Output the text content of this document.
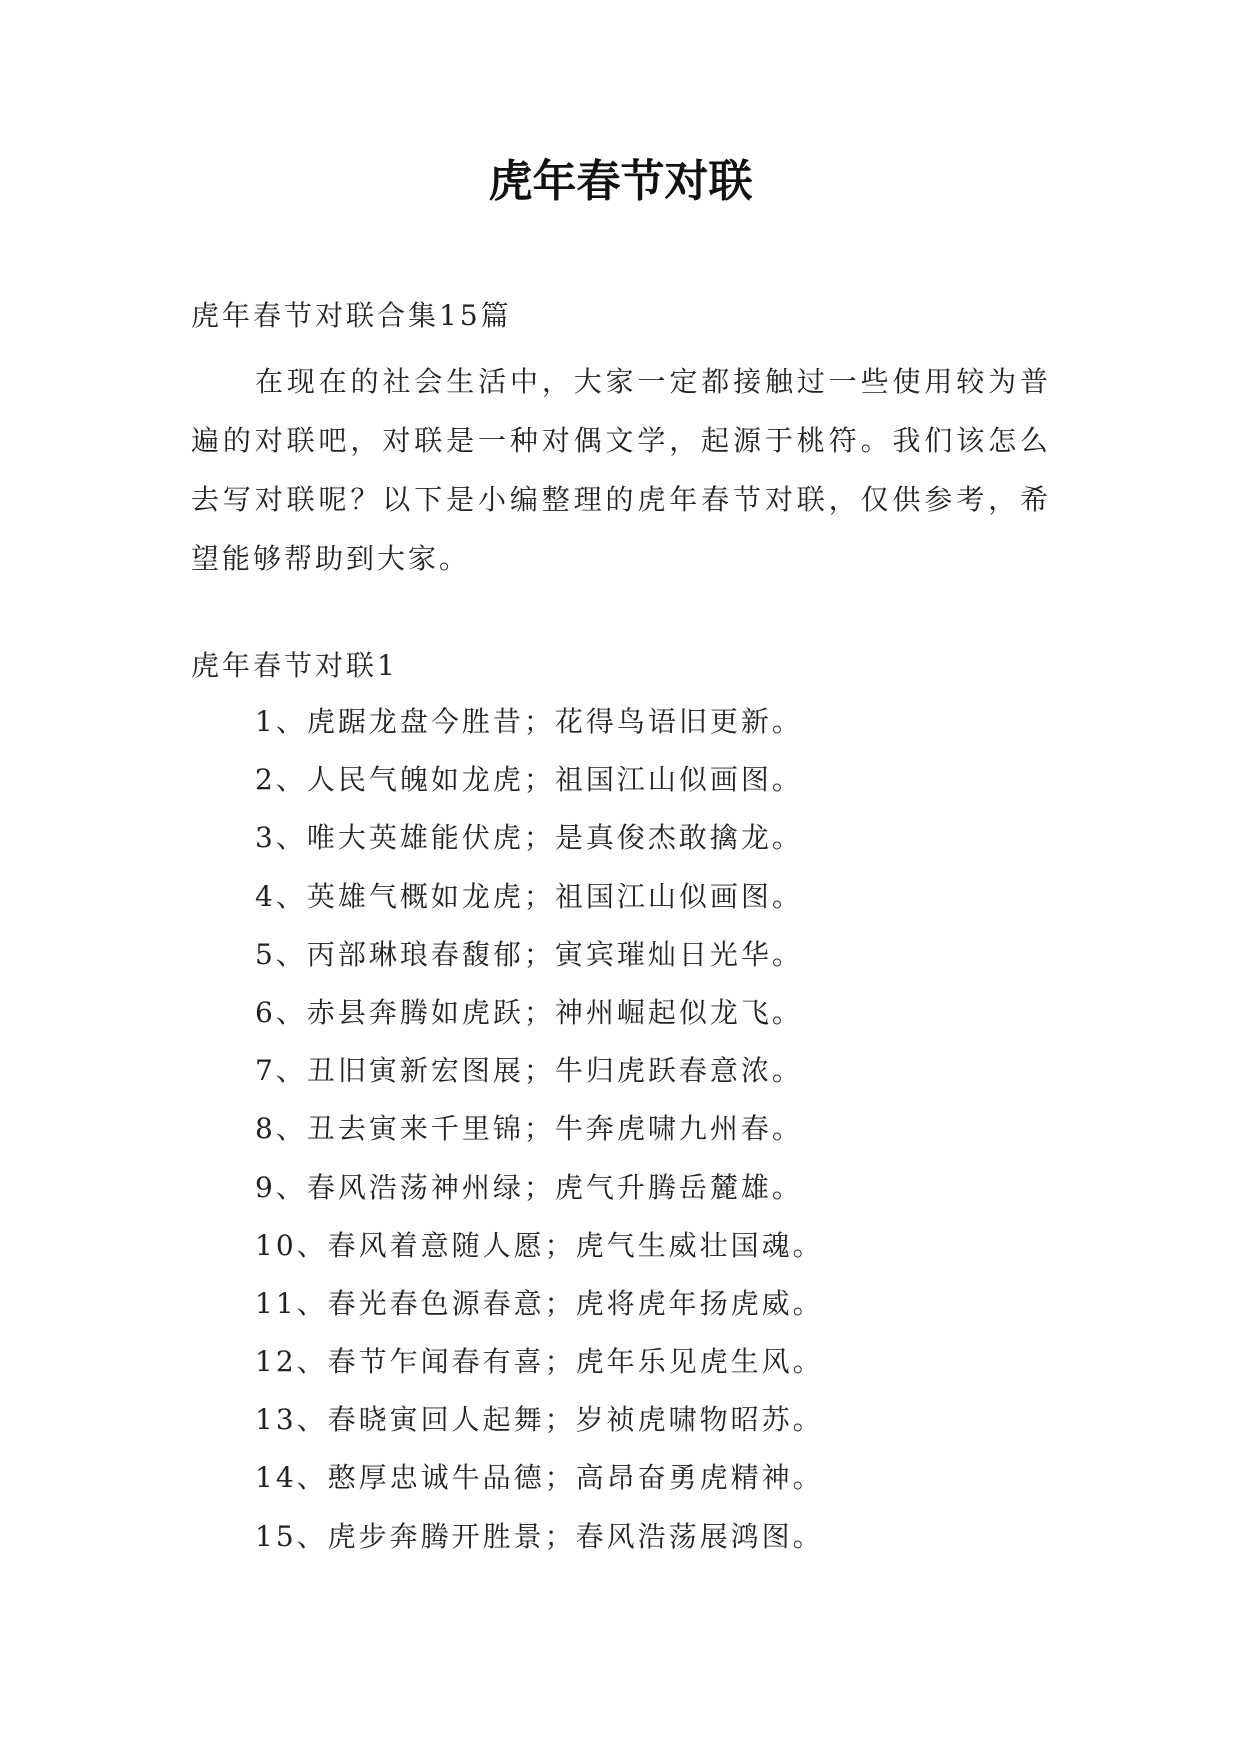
虎年春节对联
虎年春节对联合集15篇

在现在的社会生活中，大家一定都接触过一些使用较为普遍的对联吧，对联是一种对偶文学，起源于桃符。我们该怎么去写对联呢？以下是小编整理的虎年春节对联，仅供参考，希望能够帮助到大家。

虎年春节对联1
1、虎踞龙盘今胜昔；花得鸟语旧更新。
2、人民气魄如龙虎；祖国江山似画图。
3、唯大英雄能伏虎；是真俊杰敢擒龙。
4、英雄气概如龙虎；祖国江山似画图。
5、丙部琳琅春馥郁；寅宾璀灿日光华。
6、赤县奔腾如虎跃；神州崛起似龙飞。
7、丑旧寅新宏图展；牛归虎跃春意浓。
8、丑去寅来千里锦；牛奔虎啸九州春。
9、春风浩荡神州绿；虎气升腾岳麓雄。
10、春风着意随人愿；虎气生威壮国魂。
11、春光春色源春意；虎将虎年扬虎威。
12、春节乍闻春有喜；虎年乐见虎生风。
13、春晓寅回人起舞；岁祯虎啸物昭苏。
14、憨厚忠诚牛品德；高昂奋勇虎精神。
15、虎步奔腾开胜景；春风浩荡展鸿图。
